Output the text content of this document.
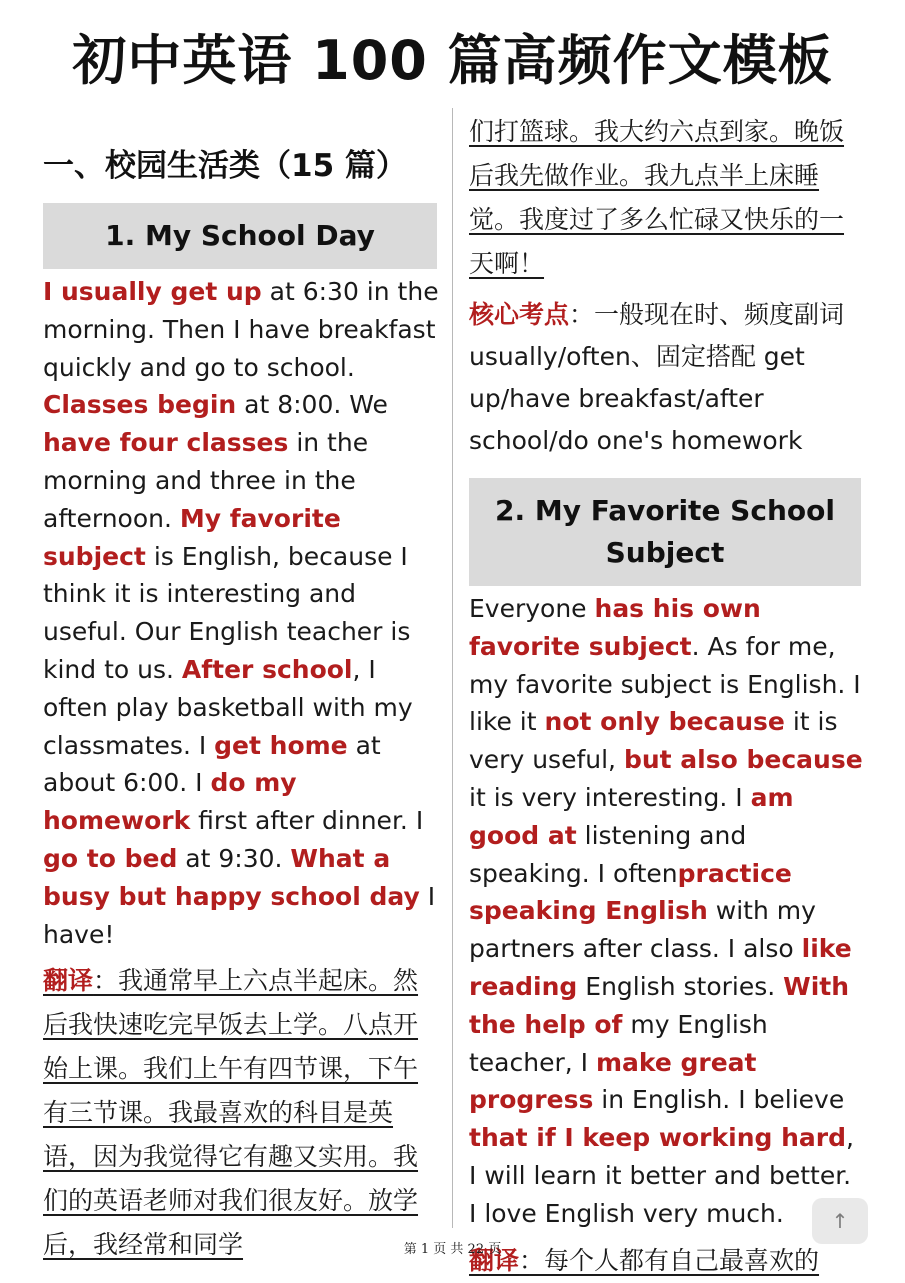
初中英语 100 篇高频作文模板
一、校园生活类（15 篇）
1. My School Day

I usually get up at 6:30 in the morning. Then I have breakfast quickly and go to school. Classes begin at 8:00. We have four classes in the morning and three in the afternoon. My favorite subject is English, because I think it is interesting and useful. Our English teacher is kind to us. After school, I often play basketball with my classmates. I get home at about 6:00. I do my homework first after dinner. I go to bed at 9:30. What a busy but happy school day I have!

翻译：我通常早上六点半起床。然后我快速吃完早饭去上学。八点开始上课。我们上午有四节课，下午有三节课。我最喜欢的科目是英语，因为我觉得它有趣又实用。我们的英语老师对我们很友好。放学后，我经常和同学

们打篮球。我大约六点到家。晚饭后我先做作业。我九点半上床睡觉。我度过了多么忙碌又快乐的一天啊！

核心考点：一般现在时、频度副词 usually/often、固定搭配 get up/have breakfast/after school/do one's homework

2. My Favorite School Subject

Everyone has his own favorite subject. As for me, my favorite subject is English. I like it not only because it is very useful, but also because it is very interesting. I am good at listening and speaking. I oftenpractice speaking English with my partners after class. I also like reading English stories. With the help of my English teacher, I make great progress in English. I believe that if I keep working hard, I will learn it better and better. I love English very much.

翻译：每个人都有自己最喜欢的

第 1 页 共 22 页
↑
